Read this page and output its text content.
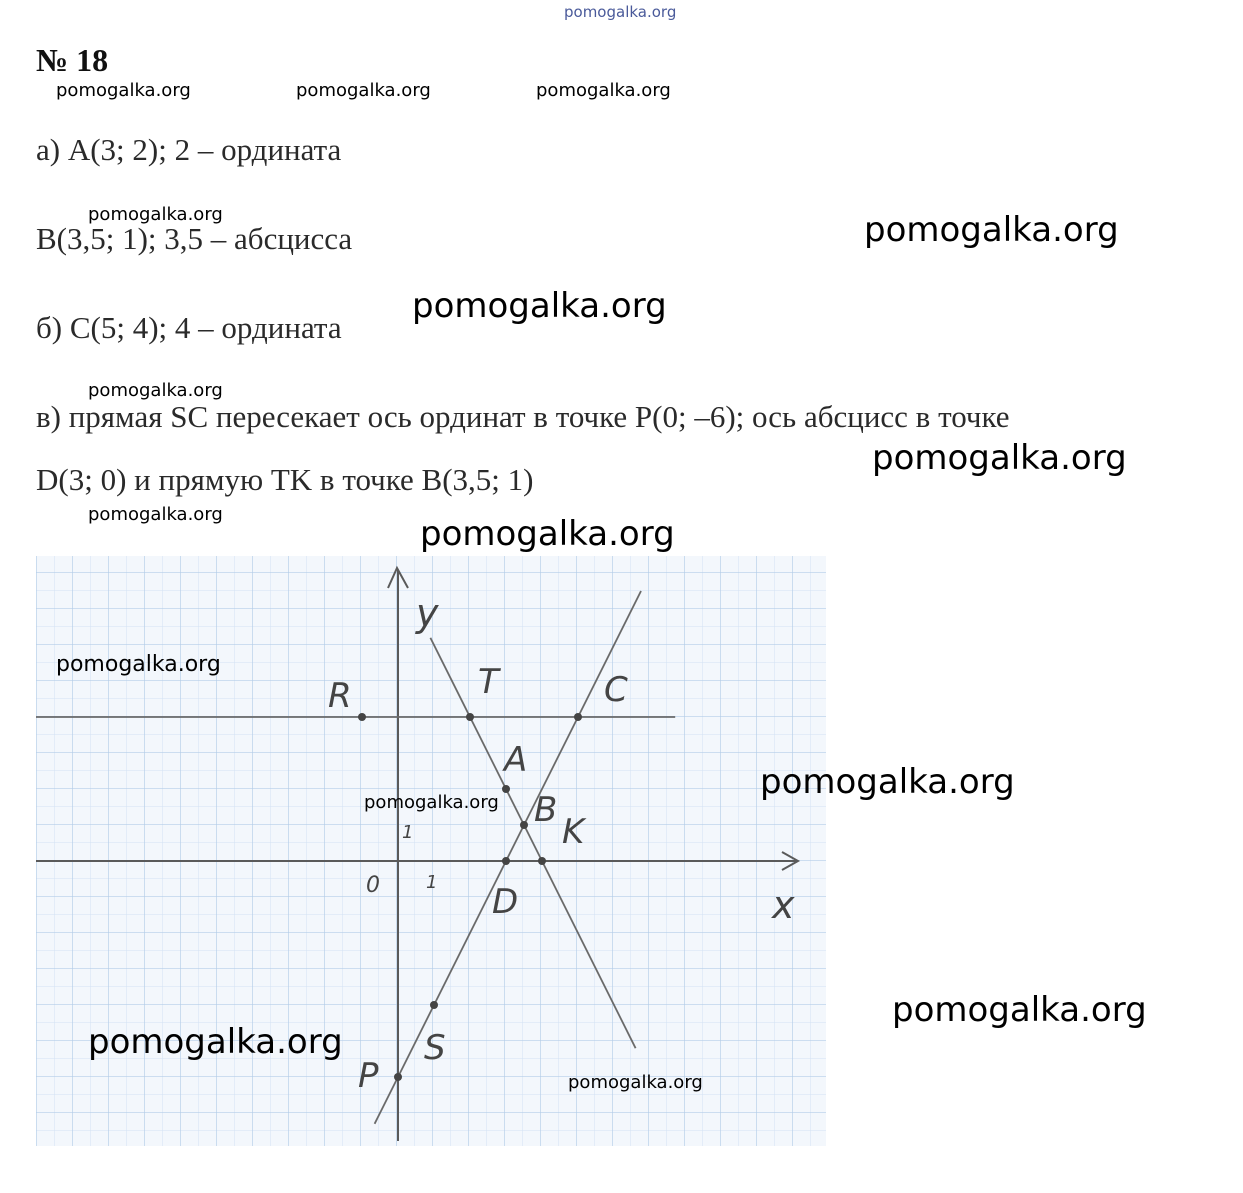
pomogalka.org
№ 18
pomogalka.org	pomogalka.org	pomogalka.org
pomogalka.org
pomogalka.org
pomogalka.org
а) A(3; 2); 2 – ордината
B(3,5; 1); 3,5 – абсцисса
б) C(5; 4); 4 – ордината
в) прямая SC пересекает ось ординат в точке P(0; –6); ось абсцисс в точке
D(3; 0) и прямую TK в точке B(3,5; 1)
R	T	C
A
B
K
D
S
P
y
x
0	1
1
pomogalka.org
pomogalka.org
pomogalka.org
pomogalka.org
pomogalka.org
pomogalka.org
pomogalka.org
pomogalka.org
pomogalka.org
pomogalka.org
